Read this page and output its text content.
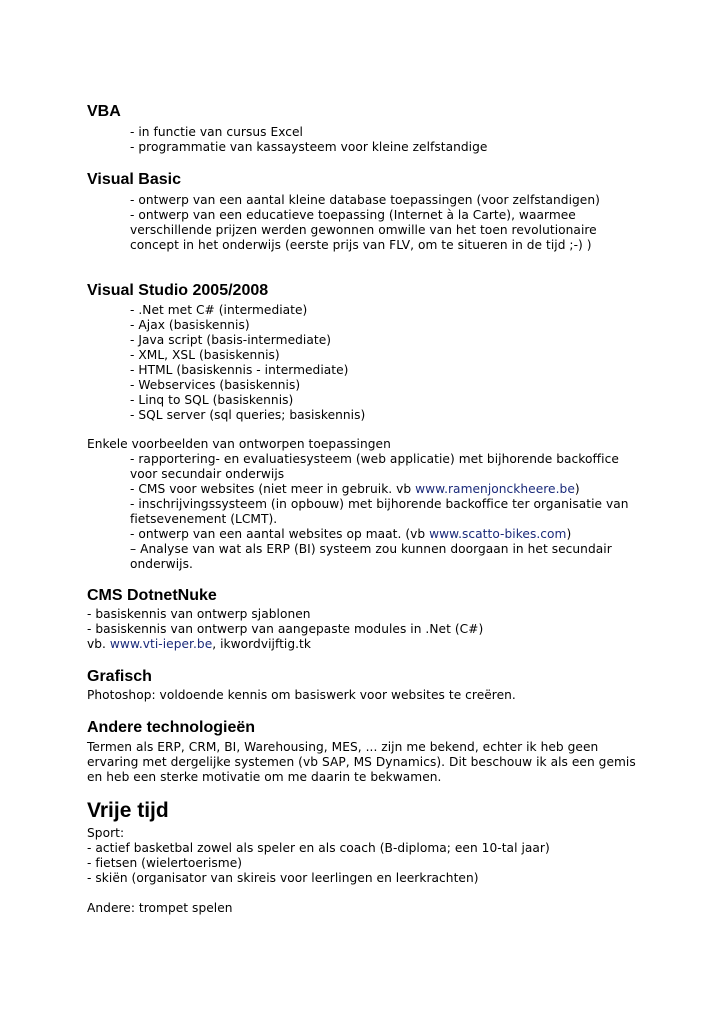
VBA
- in functie van cursus Excel
- programmatie van kassaysteem voor kleine zelfstandige
Visual Basic
- ontwerp van een aantal kleine database toepassingen (voor zelfstandigen)
- ontwerp van een educatieve toepassing (Internet à la Carte), waarmee
verschillende prijzen werden gewonnen omwille van het toen revolutionaire
concept in het onderwijs (eerste prijs van FLV, om te situeren in de tijd ;-) )
Visual Studio 2005/2008
- .Net met C# (intermediate)
- Ajax (basiskennis)
- Java script (basis-intermediate)
- XML, XSL (basiskennis)
- HTML (basiskennis - intermediate)
- Webservices (basiskennis)
- Linq to SQL (basiskennis)
- SQL server (sql queries; basiskennis)
Enkele voorbeelden van ontworpen toepassingen
- rapportering- en evaluatiesysteem (web applicatie) met bijhorende backoffice
voor secundair onderwijs
- CMS voor websites (niet meer in gebruik. vb www.ramenjonckheere.be)
- inschrijvingssysteem (in opbouw) met bijhorende backoffice ter organisatie van
fietsevenement (LCMT).
- ontwerp van een aantal websites op maat. (vb www.scatto-bikes.com)
– Analyse van wat als ERP (BI) systeem zou kunnen doorgaan in het secundair
onderwijs.
CMS DotnetNuke
- basiskennis van ontwerp sjablonen
- basiskennis van ontwerp van aangepaste modules in .Net (C#)
vb. www.vti-ieper.be, ikwordvijftig.tk
Grafisch
Photoshop: voldoende kennis om basiswerk voor websites te creëren.
Andere technologieën
Termen als ERP, CRM, BI, Warehousing, MES, ... zijn me bekend, echter ik heb geen
ervaring met dergelijke systemen (vb SAP, MS Dynamics). Dit beschouw ik als een gemis
en heb een sterke motivatie om me daarin te bekwamen.
Vrije tijd
Sport:
- actief basketbal zowel als speler en als coach (B-diploma; een 10-tal jaar)
- fietsen (wielertoerisme)
- skiën (organisator van skireis voor leerlingen en leerkrachten)
Andere: trompet spelen
